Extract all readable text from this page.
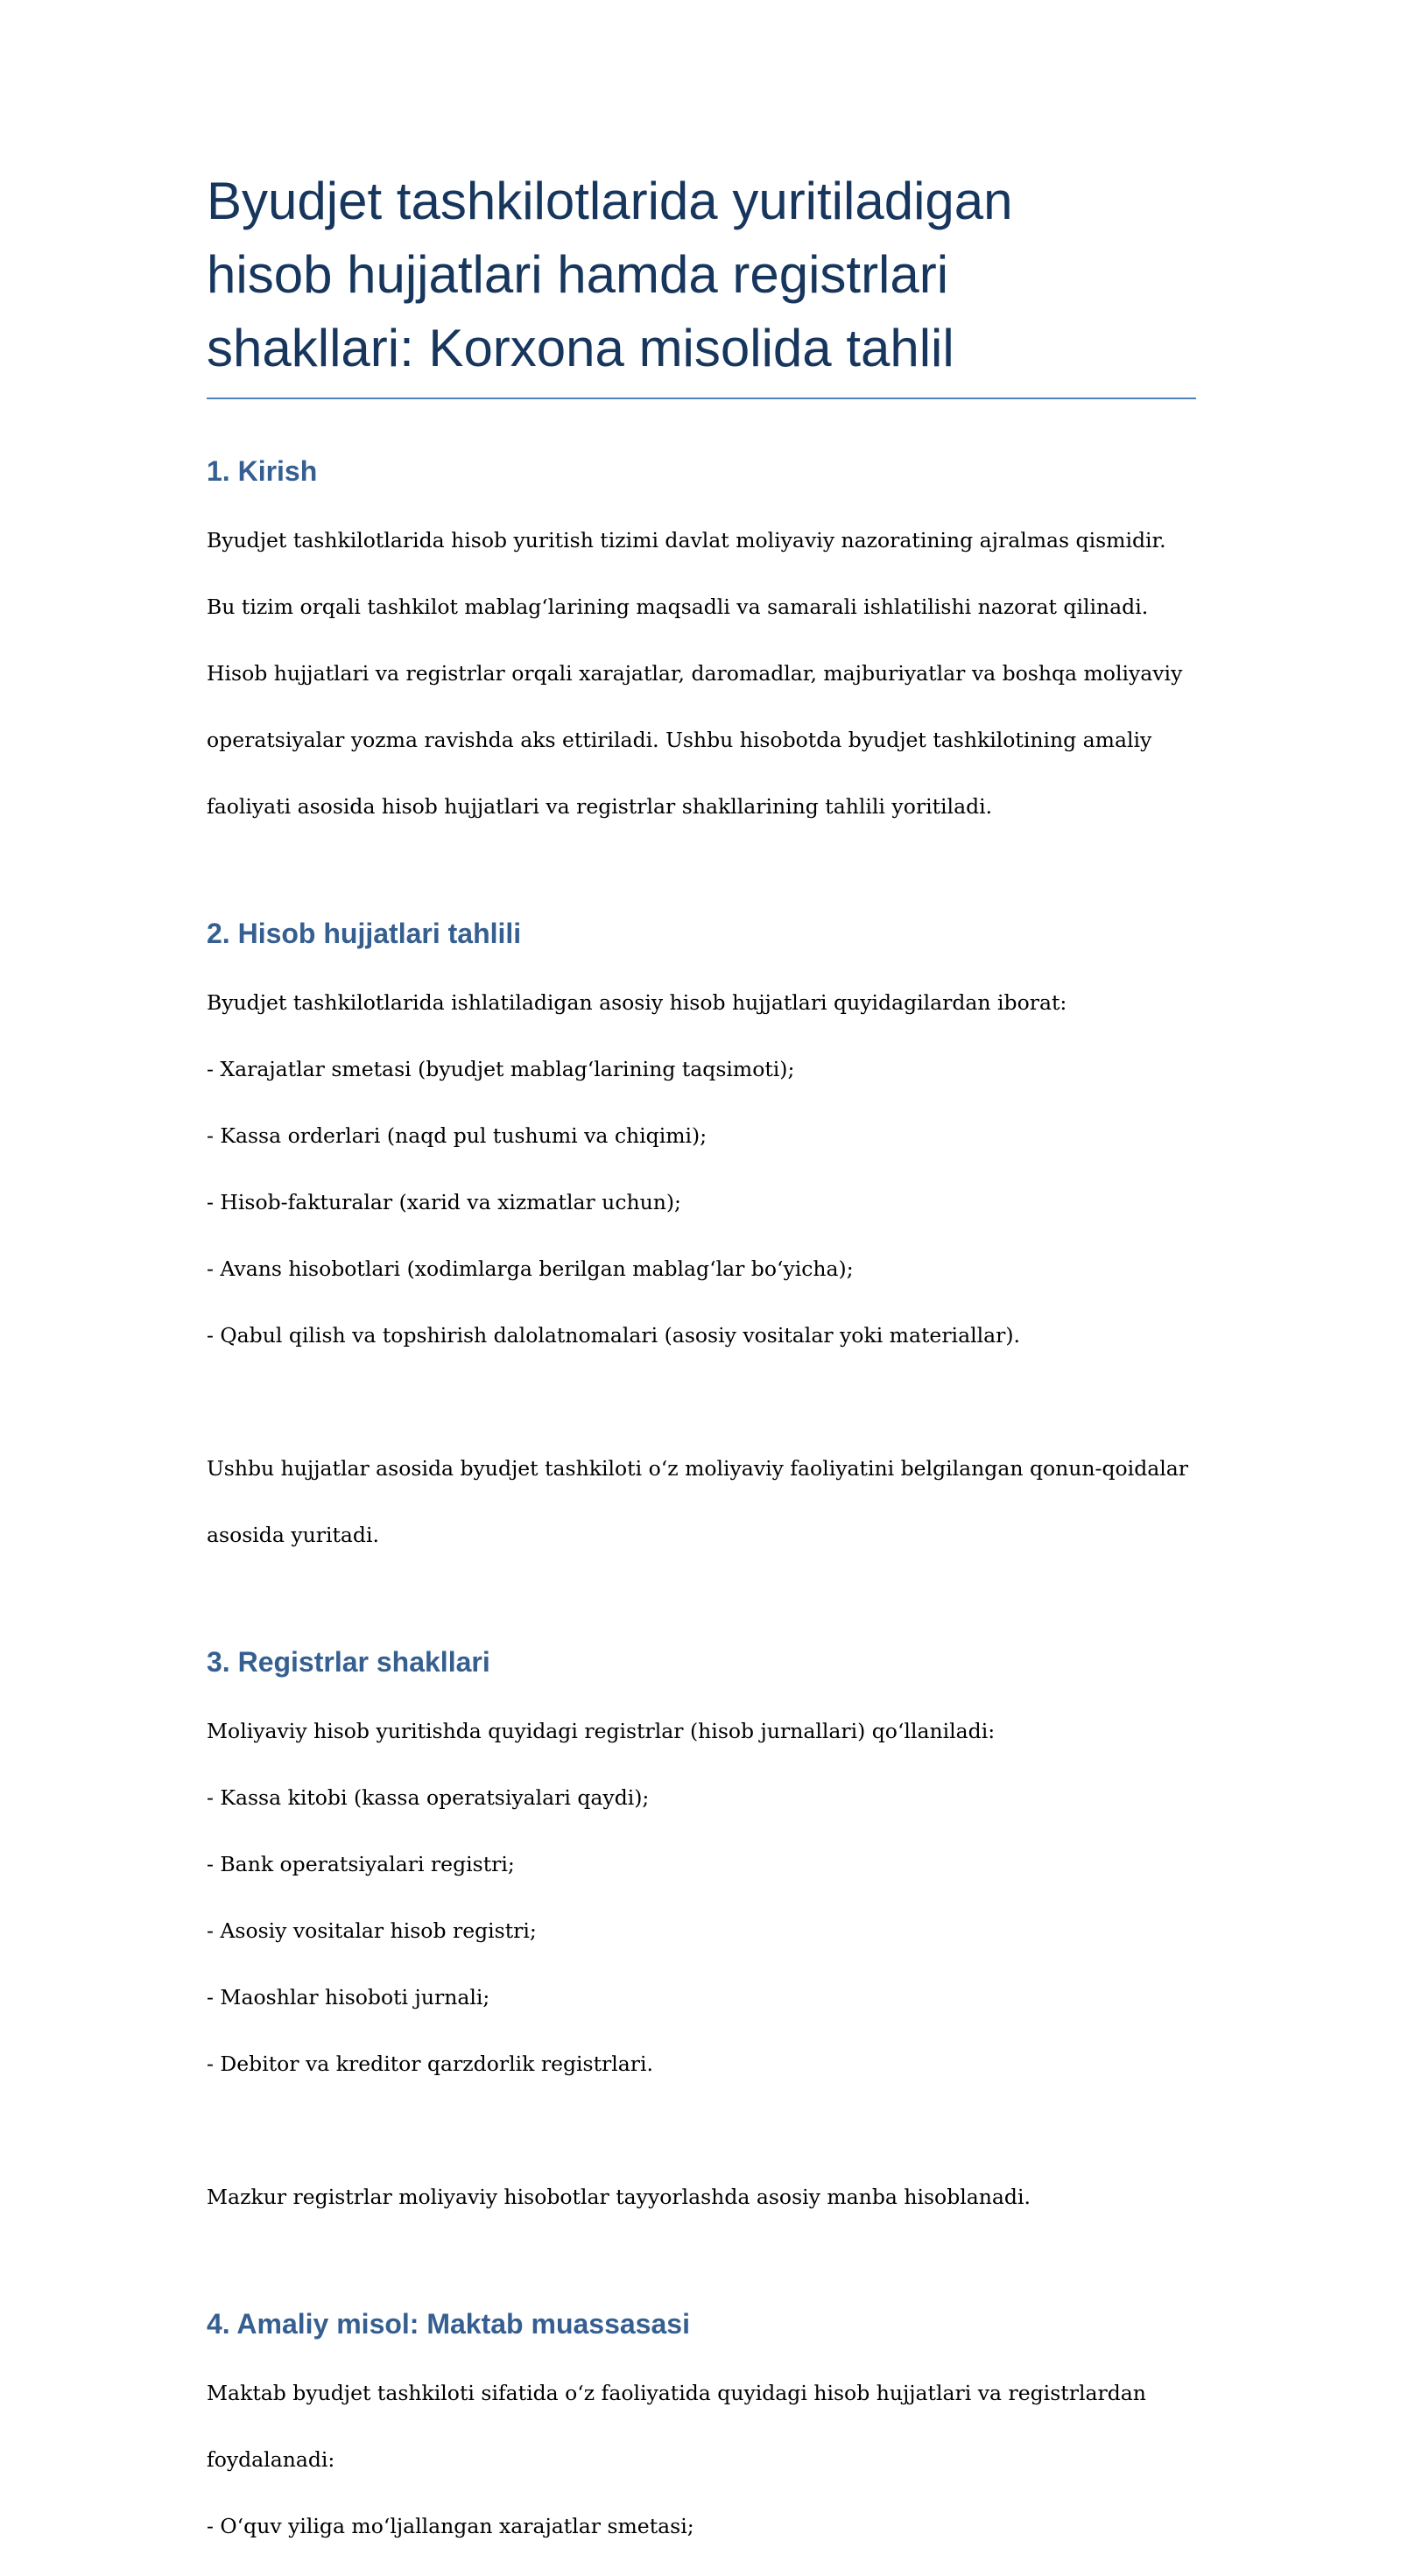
Byudjet tashkilotlarida yuritiladigan
hisob hujjatlari hamda registrlari
shakllari: Korxona misolida tahlil
1. Kirish

Byudjet tashkilotlarida hisob yuritish tizimi davlat moliyaviy nazoratining ajralmas qismidir.

Bu tizim orqali tashkilot mablagʻlarining maqsadli va samarali ishlatilishi nazorat qilinadi.

Hisob hujjatlari va registrlar orqali xarajatlar, daromadlar, majburiyatlar va boshqa moliyaviy

operatsiyalar yozma ravishda aks ettiriladi. Ushbu hisobotda byudjet tashkilotining amaliy

faoliyati asosida hisob hujjatlari va registrlar shakllarining tahlili yoritiladi.

2. Hisob hujjatlari tahlili

Byudjet tashkilotlarida ishlatiladigan asosiy hisob hujjatlari quyidagilardan iborat:

- Xarajatlar smetasi (byudjet mablagʻlarining taqsimoti);

- Kassa orderlari (naqd pul tushumi va chiqimi);

- Hisob-fakturalar (xarid va xizmatlar uchun);

- Avans hisobotlari (xodimlarga berilgan mablagʻlar boʻyicha);

- Qabul qilish va topshirish dalolatnomalari (asosiy vositalar yoki materiallar).

Ushbu hujjatlar asosida byudjet tashkiloti oʻz moliyaviy faoliyatini belgilangan qonun-qoidalar

asosida yuritadi.

3. Registrlar shakllari

Moliyaviy hisob yuritishda quyidagi registrlar (hisob jurnallari) qoʻllaniladi:

- Kassa kitobi (kassa operatsiyalari qaydi);

- Bank operatsiyalari registri;

- Asosiy vositalar hisob registri;

- Maoshlar hisoboti jurnali;

- Debitor va kreditor qarzdorlik registrlari.

Mazkur registrlar moliyaviy hisobotlar tayyorlashda asosiy manba hisoblanadi.

4. Amaliy misol: Maktab muassasasi

Maktab byudjet tashkiloti sifatida oʻz faoliyatida quyidagi hisob hujjatlari va registrlardan

foydalanadi:

- Oʻquv yiliga moʻljallangan xarajatlar smetasi;
